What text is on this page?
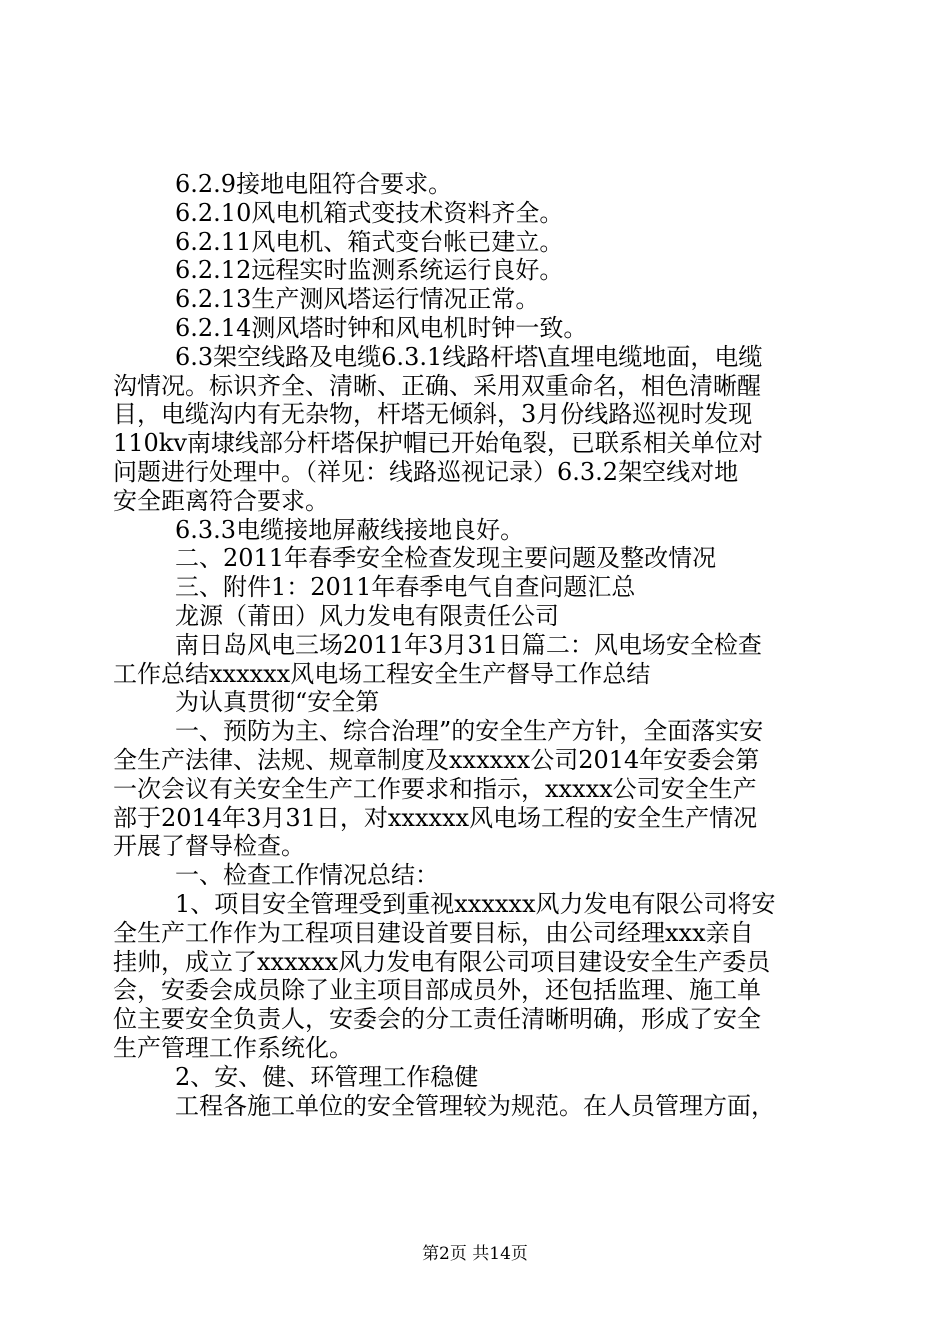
6.2.9接地电阻符合要求。
6.2.10风电机箱式变技术资料齐全。
6.2.11风电机、箱式变台帐已建立。
6.2.12远程实时监测系统运行良好。
6.2.13生产测风塔运行情况正常。
6.2.14测风塔时钟和风电机时钟一致。
6.3架空线路及电缆6.3.1线路杆塔\直埋电缆地面，电缆
沟情况。标识齐全、清晰、正确、采用双重命名，相色清晰醒
目，电缆沟内有无杂物，杆塔无倾斜，3月份线路巡视时发现
110kv南埭线部分杆塔保护帽已开始龟裂，已联系相关单位对
问题进行处理中。（祥见：线路巡视记录）6.3.2架空线对地
安全距离符合要求。
6.3.3电缆接地屏蔽线接地良好。
二、2011年春季安全检查发现主要问题及整改情况
三、附件1：2011年春季电气自查问题汇总
龙源（莆田）风力发电有限责任公司
南日岛风电三场2011年3月31日篇二：风电场安全检查
工作总结xxxxxx风电场工程安全生产督导工作总结
为认真贯彻“安全第
一、预防为主、综合治理”的安全生产方针，全面落实安
全生产法律、法规、规章制度及xxxxxx公司2014年安委会第
一次会议有关安全生产工作要求和指示，xxxxx公司安全生产
部于2014年3月31日，对xxxxxx风电场工程的安全生产情况
开展了督导检查。
一、检查工作情况总结：
1、项目安全管理受到重视xxxxxx风力发电有限公司将安
全生产工作作为工程项目建设首要目标，由公司经理xxx亲自
挂帅，成立了xxxxxx风力发电有限公司项目建设安全生产委员
会，安委会成员除了业主项目部成员外，还包括监理、施工单
位主要安全负责人，安委会的分工责任清晰明确，形成了安全
生产管理工作系统化。
2、安、健、环管理工作稳健
工程各施工单位的安全管理较为规范。在人员管理方面，
第2页 共14页
